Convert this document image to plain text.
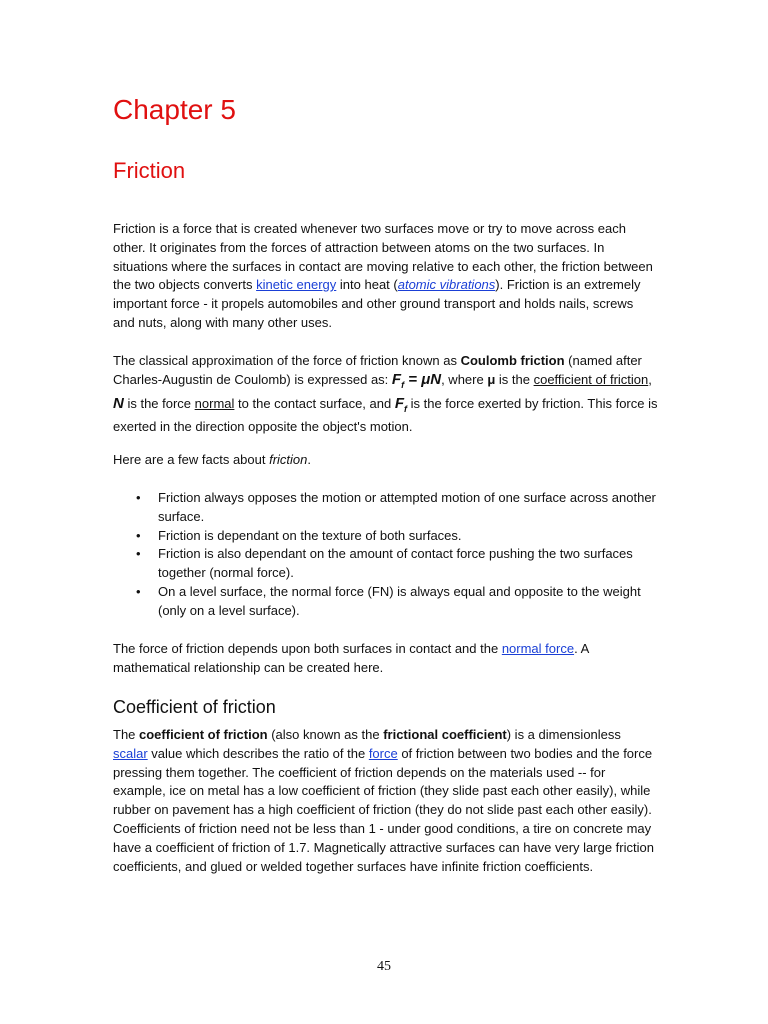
Chapter 5
Friction

Friction is a force that is created whenever two surfaces move or try to move across each other. It originates from the forces of attraction between atoms on the two surfaces. In situations where the surfaces in contact are moving relative to each other, the friction between the two objects converts kinetic energy into heat (atomic vibrations). Friction is an extremely important force - it propels automobiles and other ground transport and holds nails, screws and nuts, along with many other uses.

The classical approximation of the force of friction known as Coulomb friction (named after Charles-Augustin de Coulomb) is expressed as: $F_f = \mu N$, where μ is the coefficient of friction, N is the force normal to the contact surface, and $F_f$ is the force exerted by friction. This force is exerted in the direction opposite the object's motion.

Here are a few facts about friction.

• Friction always opposes the motion or attempted motion of one surface across another surface.
• Friction is dependant on the texture of both surfaces.
• Friction is also dependant on the amount of contact force pushing the two surfaces together (normal force).
• On a level surface, the normal force (FN) is always equal and opposite to the weight (only on a level surface).

The force of friction depends upon both surfaces in contact and the normal force. A mathematical relationship can be created here.

Coefficient of friction

The coefficient of friction (also known as the frictional coefficient) is a dimensionless scalar value which describes the ratio of the force of friction between two bodies and the force pressing them together. The coefficient of friction depends on the materials used -- for example, ice on metal has a low coefficient of friction (they slide past each other easily), while rubber on pavement has a high coefficient of friction (they do not slide past each other easily). Coefficients of friction need not be less than 1 - under good conditions, a tire on concrete may have a coefficient of friction of 1.7. Magnetically attractive surfaces can have very large friction coefficients, and glued or welded together surfaces have infinite friction coefficients.

45
